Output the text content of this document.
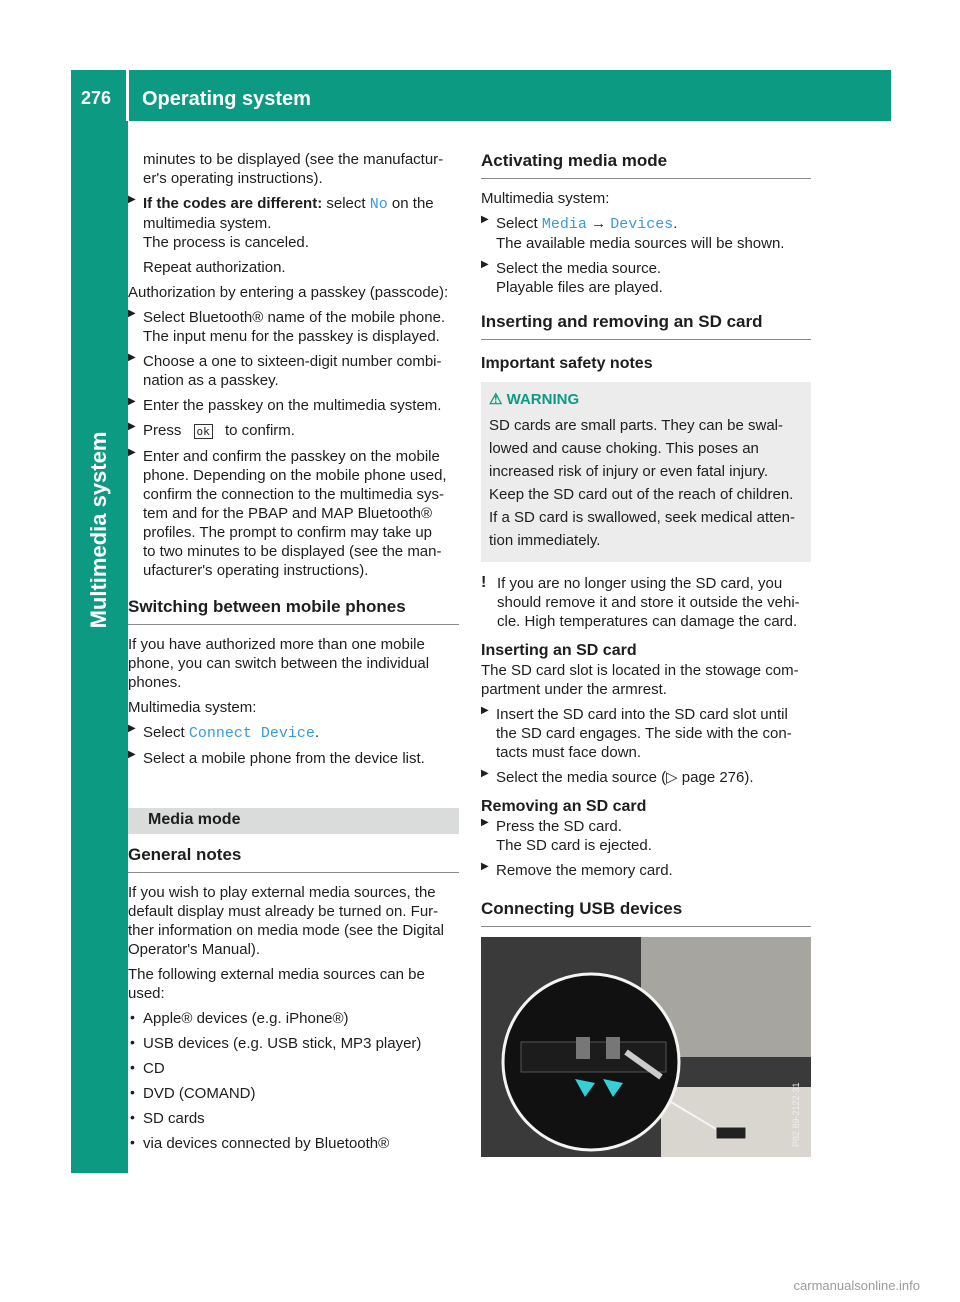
276 Operating system
Multimedia system

minutes to be displayed (see the manufactur-

er's operating instructions).

▶ If the codes are different: select No on the

multimedia system.

The process is canceled.

Repeat authorization.

Authorization by entering a passkey (passcode):

▶ Select Bluetooth® name of the mobile phone.

The input menu for the passkey is displayed.

▶ Choose a one to sixteen-digit number combi-

nation as a passkey.

▶ Enter the passkey on the multimedia system.

▶ Press ok to confirm.

▶ Enter and confirm the passkey on the mobile

phone. Depending on the mobile phone used,

confirm the connection to the multimedia sys-

tem and for the PBAP and MAP Bluetooth®

profiles. The prompt to confirm may take up

to two minutes to be displayed (see the man-

ufacturer's operating instructions).

Switching between mobile phones

If you have authorized more than one mobile

phone, you can switch between the individual

phones.

Multimedia system:

▶ Select Connect Device.

▶ Select a mobile phone from the device list.

Media mode
General notes

If you wish to play external media sources, the

default display must already be turned on. Fur-

ther information on media mode (see the Digital

Operator's Manual).

The following external media sources can be

used:

• Apple® devices (e.g. iPhone®)

• USB devices (e.g. USB stick, MP3 player)

• CD

• DVD (COMAND)

• SD cards

• via devices connected by Bluetooth®

Activating media mode

Multimedia system:

▶ Select Media → Devices.

The available media sources will be shown.

▶ Select the media source.

Playable files are played.

Inserting and removing an SD card
Important safety notes
⚠ WARNING

SD cards are small parts. They can be swal-

lowed and cause choking. This poses an

increased risk of injury or even fatal injury.

Keep the SD card out of the reach of children.

If a SD card is swallowed, seek medical atten-

tion immediately.

! If you are no longer using the SD card, you

should remove it and store it outside the vehi-

cle. High temperatures can damage the card.

Inserting an SD card

The SD card slot is located in the stowage com-

partment under the armrest.

▶ Insert the SD card into the SD card slot until

the SD card engages. The side with the con-

tacts must face down.

▶ Select the media source (▷ page 276).

Removing an SD card

▶ Press the SD card.

The SD card is ejected.

▶ Remove the memory card.

Connecting USB devices
P82.89-2122-31
carmanualsonline.info
